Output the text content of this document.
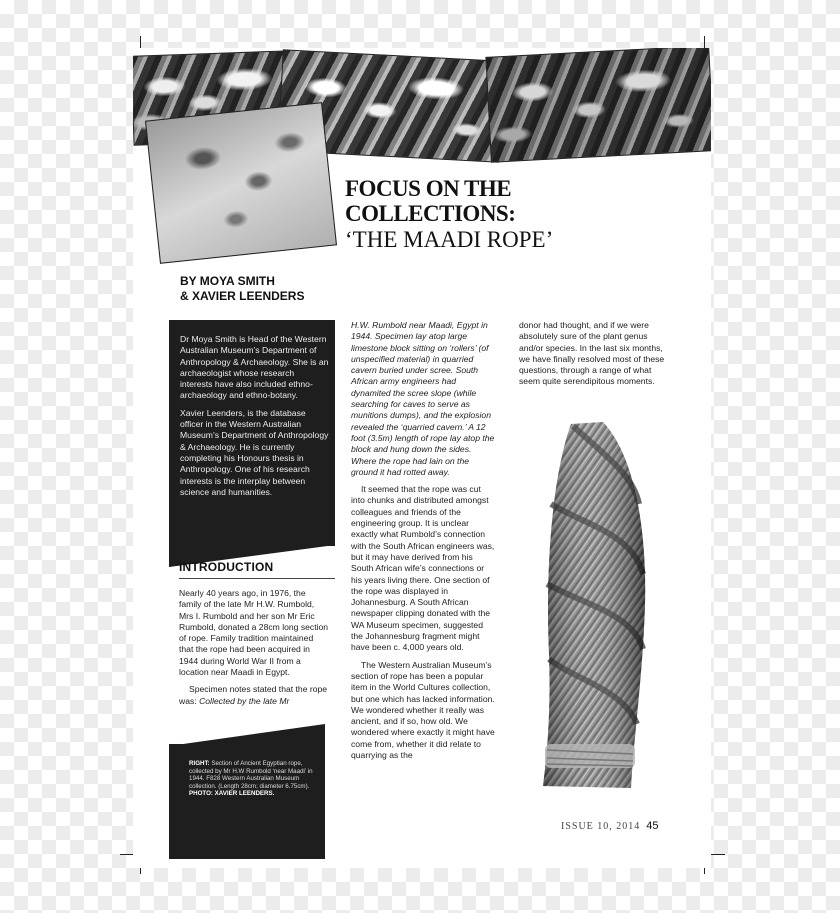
FOCUS ON THE
COLLECTIONS:
‘THE MAADI ROPE’
BY MOYA SMITH
& XAVIER LEENDERS

Dr Moya Smith is Head of the Western Australian Museum’s Department of Anthropology & Archaeology. She is an archaeologist whose research interests have also included ethno-archaeology and ethno-botany.

Xavier Leenders, is the database officer in the Western Australian Museum’s Department of Anthropology & Archaeology. He is currently completing his Honours thesis in Anthropology. One of his research interests is the interplay between science and humanities.

INTRODUCTION

Nearly 40 years ago, in 1976, the family of the late Mr H.W. Rumbold, Mrs I. Rumbold and her son Mr Eric Rumbold, donated a 28cm long section of rope. Family tradition maintained that the rope had been acquired in 1944 during World War II from a location near Maadi in Egypt.

Specimen notes stated that the rope was: Collected by the late Mr

H.W. Rumbold near Maadi, Egypt in 1944. Specimen lay atop large limestone block sitting on ‘rollers’ (of unspecified material) in quarried cavern buried under scree. South African army engineers had dynamited the scree slope (while searching for caves to serve as munitions dumps), and the explosion revealed the ‘quarried cavern.’ A 12 foot (3.5m) length of rope lay atop the block and hung down the sides. Where the rope had lain on the ground it had rotted away.

It seemed that the rope was cut into chunks and distributed amongst colleagues and friends of the engineering group. It is unclear exactly what Rumbold’s connection with the South African engineers was, but it may have derived from his South African wife’s connections or his years living there. One section of the rope was displayed in Johannesburg. A South African newspaper clipping donated with the WA Museum specimen, suggested the Johannesburg fragment might have been c. 4,000 years old.

The Western Australian Museum’s section of rope has been a popular item in the World Cultures collection, but one which has lacked information. We wondered whether it really was ancient, and if so, how old. We wondered where exactly it might have come from, whether it did relate to quarrying as the

donor had thought, and if we were absolutely sure of the plant genus and/or species. In the last six months, we have finally resolved most of these questions, through a range of what seem quite serendipitous moments.

RIGHT: Section of Ancient Egyptian rope, collected by Mr H.W Rumbold ‘near Maadi’ in 1944. F828 Western Australian Museum collection. (Length 28cm; diameter 6.75cm).
PHOTO: XAVIER LEENDERS.
ISSUE 10, 2014 45
